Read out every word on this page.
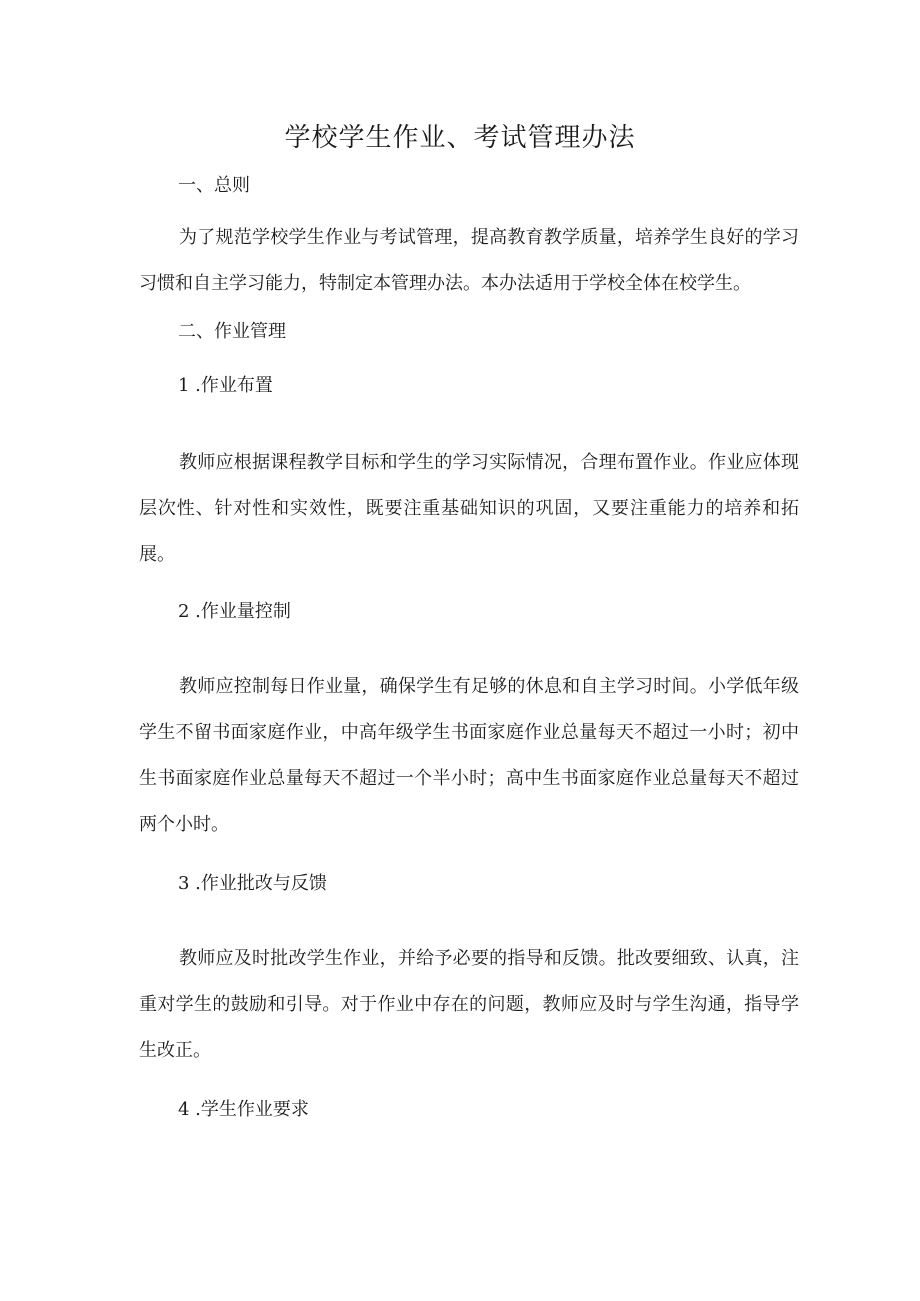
学校学生作业、考试管理办法

一、总则

为了规范学校学生作业与考试管理，提高教育教学质量，培养学生良好的学习习惯和自主学习能力，特制定本管理办法。本办法适用于学校全体在校学生。

二、作业管理

1 .作业布置

教师应根据课程教学目标和学生的学习实际情况，合理布置作业。作业应体现层次性、针对性和实效性，既要注重基础知识的巩固，又要注重能力的培养和拓展。

2 .作业量控制

教师应控制每日作业量，确保学生有足够的休息和自主学习时间。小学低年级学生不留书面家庭作业，中高年级学生书面家庭作业总量每天不超过一小时；初中生书面家庭作业总量每天不超过一个半小时；高中生书面家庭作业总量每天不超过两个小时。

3 .作业批改与反馈

教师应及时批改学生作业，并给予必要的指导和反馈。批改要细致、认真，注重对学生的鼓励和引导。对于作业中存在的问题，教师应及时与学生沟通，指导学生改正。

4 .学生作业要求
